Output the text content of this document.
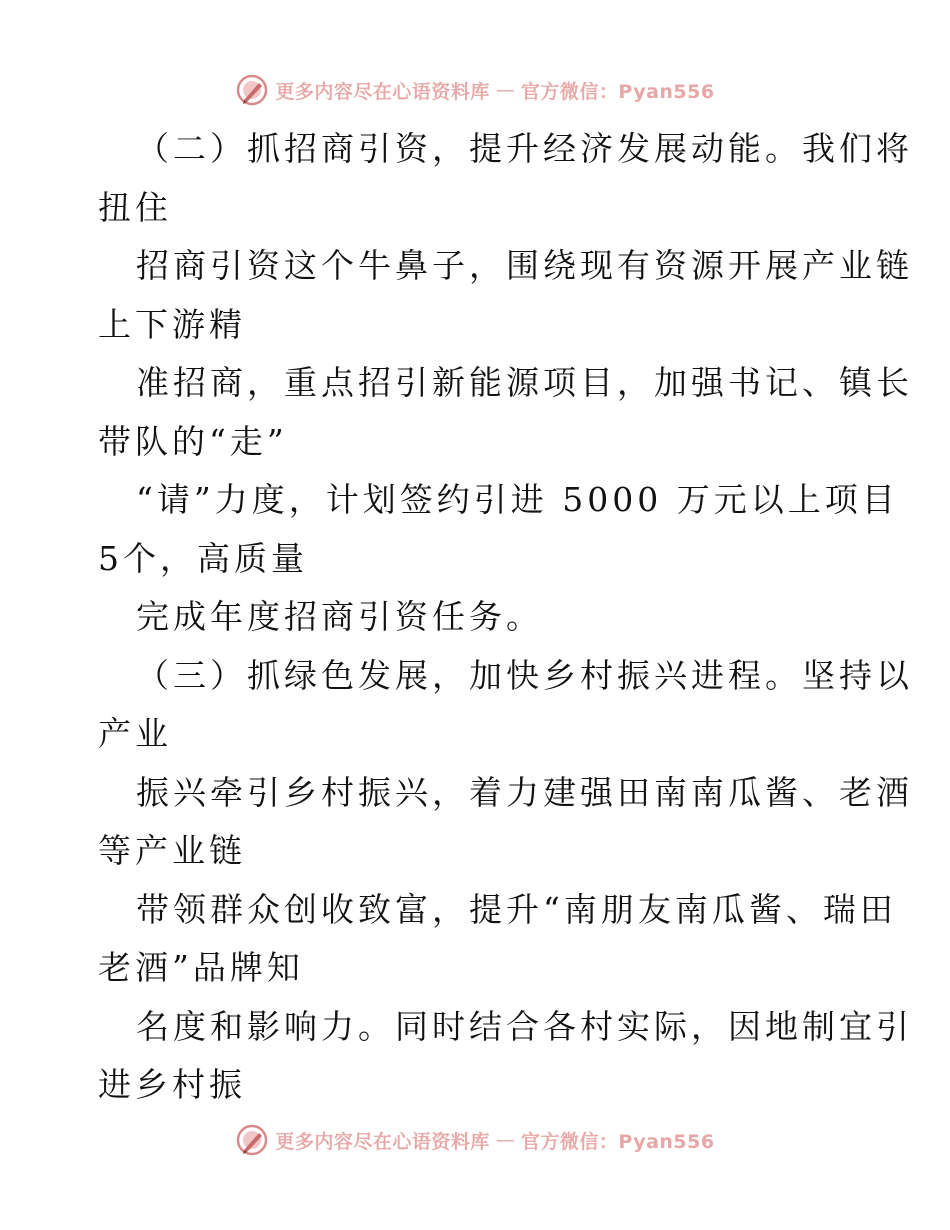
更多内容尽在心语资料库 — 官方微信：Pyan556
（二）抓招商引资，提升经济发展动能。我们将
扭住
招商引资这个牛鼻子，围绕现有资源开展产业链
上下游精
准招商，重点招引新能源项目，加强书记、镇长
带队的“走”
“请”力度，计划签约引进 5000 万元以上项目
5个，高质量
完成年度招商引资任务。
（三）抓绿色发展，加快乡村振兴进程。坚持以
产业
振兴牵引乡村振兴，着力建强田南南瓜酱、老酒
等产业链
带领群众创收致富，提升“南朋友南瓜酱、瑞田
老酒”品牌知
名度和影响力。同时结合各村实际，因地制宜引
进乡村振
更多内容尽在心语资料库 — 官方微信：Pyan556
